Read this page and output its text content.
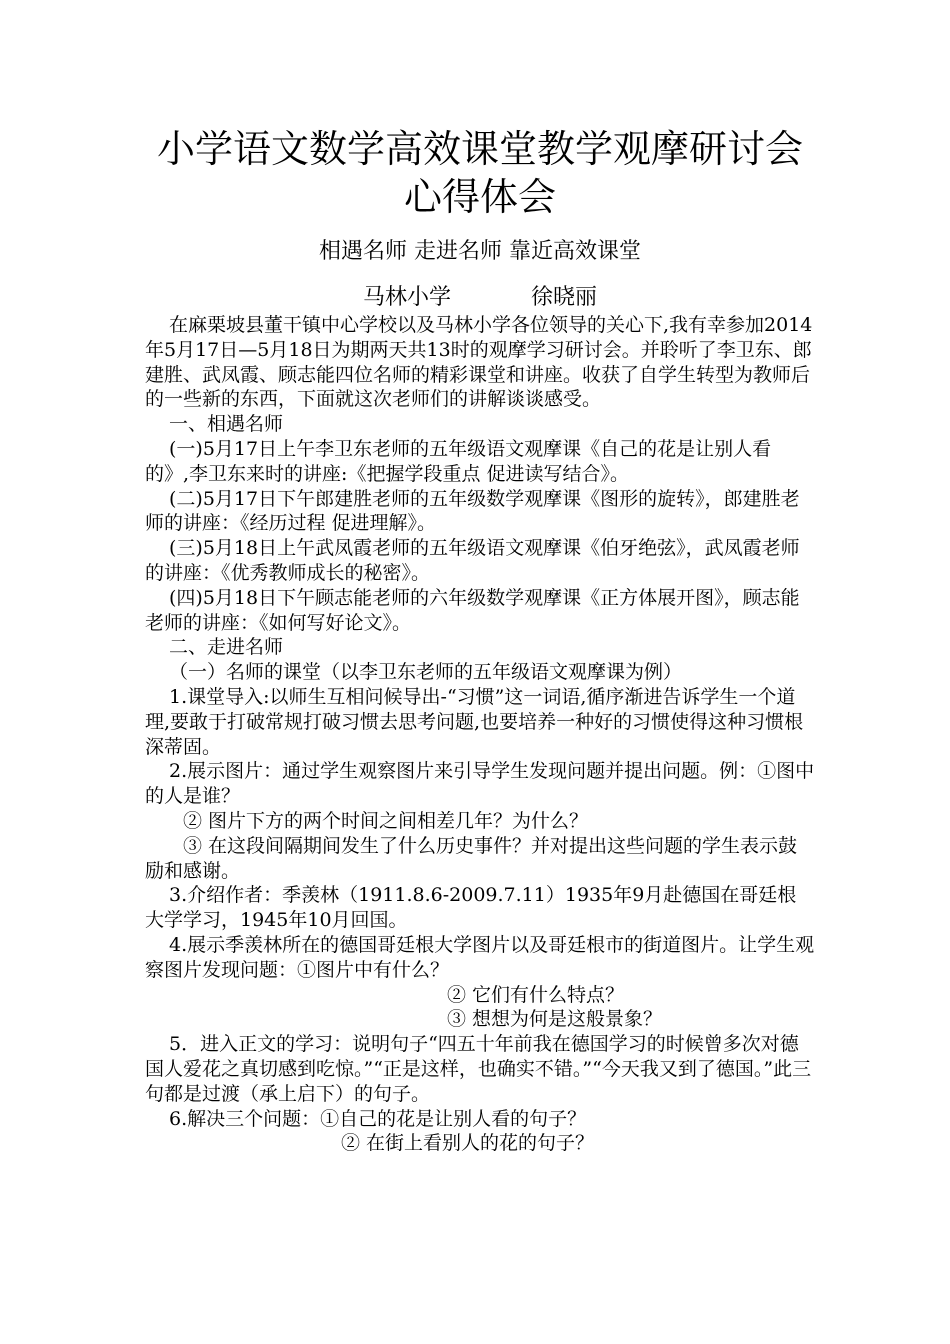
小学语文数学高效课堂教学观摩研讨会
心得体会
相遇名师 走进名师 靠近高效课堂
马林小学	徐晓丽

在麻栗坡县董干镇中心学校以及马林小学各位领导的关心下,我有幸参加2014年5月17日—5月18日为期两天共13时的观摩学习研讨会。并聆听了李卫东、郎建胜、武凤霞、顾志能四位名师的精彩课堂和讲座。收获了自学生转型为教师后的一些新的东西，下面就这次老师们的讲解谈谈感受。

一、相遇名师

(一)5月17日上午李卫东老师的五年级语文观摩课《自己的花是让别人看的》,李卫东来时的讲座:《把握学段重点 促进读写结合》。

(二)5月17日下午郎建胜老师的五年级数学观摩课《图形的旋转》，郎建胜老师的讲座：《经历过程 促进理解》。

(三)5月18日上午武凤霞老师的五年级语文观摩课《伯牙绝弦》，武凤霞老师的讲座：《优秀教师成长的秘密》。

(四)5月18日下午顾志能老师的六年级数学观摩课《正方体展开图》，顾志能老师的讲座：《如何写好论文》。

二、走进名师

（一）名师的课堂（以李卫东老师的五年级语文观摩课为例）

1.课堂导入:以师生互相问候导出-“习惯”这一词语,循序渐进告诉学生一个道理,要敢于打破常规打破习惯去思考问题,也要培养一种好的习惯使得这种习惯根深蒂固。

2.展示图片：通过学生观察图片来引导学生发现问题并提出问题。例：①图中的人是谁？

② 图片下方的两个时间之间相差几年？为什么？

③ 在这段间隔期间发生了什么历史事件？并对提出这些问题的学生表示鼓励和感谢。

3.介绍作者：季羡林（1911.8.6-2009.7.11）1935年9月赴德国在哥廷根大学学习，1945年10月回国。

4.展示季羡林所在的德国哥廷根大学图片以及哥廷根市的街道图片。让学生观察图片发现问题：①图片中有什么？

② 它们有什么特点？

③ 想想为何是这般景象？

5．进入正文的学习：说明句子“四五十年前我在德国学习的时候曾多次对德国人爱花之真切感到吃惊。”“正是这样，也确实不错。”“今天我又到了德国。”此三句都是过渡（承上启下）的句子。

6.解决三个问题：①自己的花是让别人看的句子？

② 在街上看别人的花的句子？
